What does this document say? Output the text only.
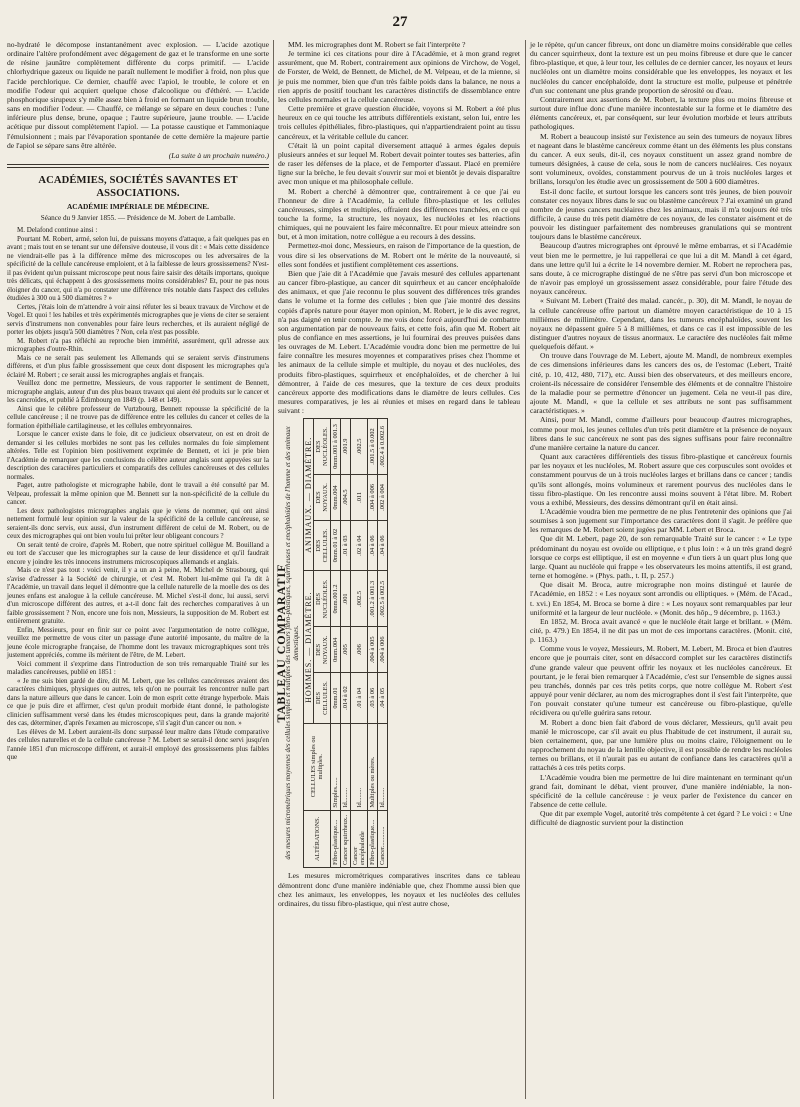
27

no-hydraté le décompose instantanément avec explosion. — L'acide azotique ordinaire l'altère profondément avec dégagement de gaz et le transforme en une sorte de résine jaunâtre complètement différente du corps primitif. — L'acide chlorhydrique gazeux ou liquide ne paraît nullement le modifier à froid, non plus que l'acide perchlorique. Ce dernier, chauffé avec l'apiol, le trouble, le colore et en modifie l'odeur qui acquiert quelque chose d'alcoolique ou d'éthéré. — L'acide phosphorique sirupeux s'y mêle assez bien à froid en formant un liquide brun trouble, sans en modifier l'odeur. — Chauffé, ce mélange se sépare en deux couches : l'une inférieure plus dense, brune, opaque ; l'autre supérieure, jaune trouble. — L'acide acétique pur dissout complètement l'apiol. — La potasse caustique et l'ammoniaque l'émulsionnent ; mais par l'évaporation spontanée de cette dernière la majeure partie de l'apiol se sépare sans être altérée.

(La suite à un prochain numéro.)
ACADÉMIES, SOCIÉTÉS SAVANTES ET ASSOCIATIONS.
ACADÉMIE IMPÉRIALE DE MÉDECINE.
Séance du 9 Janvier 1855. — Présidence de M. Jobert de Lamballe.

M. Delafond continue ainsi :

Pourtant M. Robert, armé, selon lui, de puissans moyens d'attaque, a fait quelques pas en avant ; mais tout en se tenant sur une défensive douteuse, il vous dit : « Mais cette dissidence ne viendrait-elle pas à la différence même des microscopes ou les adversaires de la spécificité de la cellule cancéreuse emploient, et à la faiblesse de leurs grossissemens? N'est-il pas évident qu'un puissant microscope peut nous faire saisir des détails importans, quoique très délicats, qui échappent à des grossissemens moins considérables? Et, pour ne pas nous éloigner du cancer, qui n'a pu constater une différence très notable dans l'aspect des cellules étudiées à 300 ou à 500 diamètres ? »

Certes, j'étais loin de m'attendre à voir ainsi réfuter les si beaux travaux de Virchow et de Vogel. Et quoi ! les habiles et très expérimentés micrographes que je viens de citer se seraient servis d'instrumens non convenables pour faire leurs recherches, et ils auraient négligé de porter les objets jusqu'à 500 diamètres ? Non, cela n'est pas possible.

M. Robert n'a pas réfléchi au reproche bien immérité, assurément, qu'il adresse aux micrographes d'outre-Rhin.

Mais ce ne serait pas seulement les Allemands qui se seraient servis d'instrumens différens, et d'un plus faible grossissement que ceux dont disposent les micrographes qu'a éclairé M. Robert ; ce serait aussi les micrographes anglais et français.

Veuillez donc me permettre, Messieurs, de vous rapporter le sentiment de Bennett, micrographe anglais, auteur d'un des plus beaux travaux qui aient été produits sur le cancer et les cancroïdes, et publié à Édimbourg en 1849 (p. 148 et 149).

Ainsi que le célèbre professeur de Vurtzbourg, Bennett repousse la spécificité de la cellule cancéreuse ; il ne trouve pas de différence entre les cellules du cancer et celles de la formation épithéliale cartilagineuse, et les cellules embryonnaires.

Lorsque le cancer existe dans le foie, dit ce judicieux observateur, on est en droit de demander si les cellules morbides ne sont pas les cellules normales du foie simplement altérées. Telle est l'opinion bien positivement exprimée de Bennett, et ici je prie bien l'Académie de remarquer que les conclusions du célèbre auteur anglais sont appuyées sur la description des caractères particuliers et comparatifs des cellules cancéreuses et des cellules normales.

Paget, autre pathologiste et micrographe habile, dont le travail a été consulté par M. Velpeau, professait la même opinion que M. Bennett sur la non-spécificité de la cellule du cancer.

Les deux pathologistes micrographes anglais que je viens de nommer, qui ont ainsi nettement formulé leur opinion sur la valeur de la spécificité de la cellule cancéreuse, se seraient-ils donc servis, eux aussi, d'un instrument différent de celui de M. Robert, ou de ceux des micrographes qui ont bien voulu lui prêter leur obligeant concours ?

On serait tenté de croire, d'après M. Robert, que notre spirituel collègue M. Bouilland a eu tort de s'accuser que les micrographes sur la cause de leur dissidence et qu'il faudrait encore y joindre les très innocens instrumens microscopiques allemands et anglais.

Mais ce n'est pas tout : voici venir, il y a un an à peine, M. Michel de Strasbourg, qui s'avise d'adresser à la Société de chirurgie, et c'est M. Robert lui-même qui l'a dit à l'Académie, un travail dans lequel il démontre que la cellule naturelle de la moelle des os des jeunes enfans est analogue à la cellule cancéreuse. M. Michel s'est-il donc, lui aussi, servi d'un microscope différent des autres, et a-t-il donc fait des recherches comparatives à un faible grossissement ? Non, encore une fois non, Messieurs, la supposition de M. Robert est entièrement gratuite.

Enfin, Messieurs, pour en finir sur ce point avec l'argumentation de notre collègue, veuillez me permettre de vous citer un passage d'une autorité imposante, du maître de la jeune école micrographe française, de l'homme dont les travaux micrographiques sont très justement appréciés, comme ils méritent de l'être, de M. Lebert.

Voici comment il s'exprime dans l'introduction de son très remarquable Traité sur les maladies cancéreuses, publié en 1851 :

« Je me suis bien gardé de dire, dit M. Lebert, que les cellules cancéreuses avaient des caractères chimiques, physiques ou autres, tels qu'on ne pourrait les rencontrer nulle part dans la nature ailleurs que dans le cancer. Loin de mon esprit cette étrange hyperbole. Mais ce que je puis dire et affirmer, c'est qu'un produit morbide étant donné, le pathologiste clinicien suffisamment versé dans les études microscopiques peut, dans la grande majorité des cas, déterminer, d'après l'examen au microscope, s'il s'agit d'un cancer ou non. »

Les élèves de M. Lebert auraient-ils donc surpassé leur maître dans l'étude comparative des cellules naturelles et de la cellule cancéreuse ? M. Lebert se serait-il donc servi jusqu'en l'année 1851 d'un microscope différent, et aurait-il employé des grossissemens plus faibles que

MM. les micrographes dont M. Robert se fait l'interprète ?

Je termine ici ces citations pour dire à l'Académie, et à mon grand regret assurément, que M. Robert, contrairement aux opinions de Virchow, de Vogel, de Forster, de Weld, de Bennett, de Michel, de M. Velpeau, et de la mienne, si je puis me nommer, bien que d'un très faible poids dans la balance, ne nous a rien appris de positif touchant les caractères distinctifs de dissemblance entre les cellules normales et la cellule cancéreuse.

Cette première et grave question élucidée, voyons si M. Robert a été plus heureux en ce qui touche les attributs différentiels existant, selon lui, entre les trois cellules épithéliales, fibro-plastiques, qui n'appartiendraient point au tissu cancéreux, et la véritable cellule du cancer.

C'était là un point capital diversement attaqué à armes égales depuis plusieurs années et sur lequel M. Robert devait pointer toutes ses batteries, afin de raser les défenses de la place, et de l'emporter d'assaut. Placé en première ligne sur la brèche, le feu devait s'ouvrir sur moi et bientôt je devais disparaître avec mon unique et ma philosophale cellule.

M. Robert a cherché à démontrer que, contrairement à ce que j'ai eu l'honneur de dire à l'Académie, la cellule fibro-plastique et les cellules cancéreuses, simples et multiples, offraient des différences tranchées, en ce qui touche la forme, la structure, les noyaux, les nucléoles et les réactions chimiques, qui ne pouvaient les faire méconnaître. Et pour mieux atteindre son but, et à mon imitation, notre collègue a eu recours à des dessins.

Permettez-moi donc, Messieurs, en raison de l'importance de la question, de vous dire si les observations de M. Robert ont le mérite de la nouveauté, si elles sont fondées et justifient complètement ces assertions.

Bien que j'aie dit à l'Académie que j'avais mesuré des cellules appartenant au cancer fibro-plastique, au cancer dit squirrheux et au cancer encéphaloïde des animaux, et que j'aie reconnu le plus souvent des différences très grandes dans le volume et la forme des cellules ; bien que j'aie montré des dessins copiés d'après nature pour étayer mon opinion, M. Robert, je le dis avec regret, n'a pas daigné en tenir compte. Je me vois donc forcé aujourd'hui de combattre son argumentation par de nouveaux faits, et cette fois, afin que M. Robert ait plus de confiance en mes assertions, je lui fournirai des preuves puisées dans les ouvrages de M. Lebert. L'Académie voudra donc bien me permettre de lui faire connaître les mesures moyennes et comparatives prises chez l'homme et les animaux de la cellule simple et multiple, du noyau et des nucléoles, des produits fibro-plastiques, squirrheux et encéphaloïdes, et de chercher à lui démontrer, à l'aide de ces mesures, que la texture de ces deux produits cancéreux apporte des modifications dans le diamètre de leurs cellules. Ces mesures comparatives, je les ai réunies et mises en regard dans le tableau suivant :

TABLEAU COMPARATIF
des mesures micrométriques moyennes des cellules simples et multiples des tumeurs fibro-plastiques, squirrheuses et encéphaloïdes de l'homme et des animaux domestiques.
ALTÉRATIONS.	CELLULES simples ou multiples.	HOMMES. — DIAMÈTRE.			ANIMAUX. — DIAMÈTRE.		
		DES CELLULES.	DES NOYAUX.	DES NUCLÉOLES.	DES CELLULES.	DES NOYAUX.	DES NUCLÉOLES.
Fibro-plastique....	Simples......	0mm.01	0mm.004	0mm.001.2	0mm.01 à 02	0mm.004	0mm.001 à 001.3
Cancer squirrheux..	Id.........	.014 à 02	.005	.001	.01 à 03	.004.5	.001.9
Cancer encéphaloïde	Id.........	.01 à 04	.006	.002.5	.02 à 04	.011	.002.5
Fibro-plastique....	Multiples ou mères.	.03 à 06	.004 à 005	.001.2 à 001.3	.04 à 06	.004 à 006	.001.5 à 0.002
Cancer.............	Id.........	.04 à 05	.004 à 006	.002.5 à 002.5	.04 à 06	.002 à 004	.002.4 à 0.002.6

Les mesures micrométriques comparatives inscrites dans ce tableau démontrent donc d'une manière indéniable que, chez l'homme aussi bien que chez les animaux, les enveloppes, les noyaux et les nucléoles des cellules ordinaires, du tissu fibro-plastique, qui n'est autre chose,

je le répète, qu'un cancer fibreux, ont donc un diamètre moins considérable que celles du cancer squirrheux, dont la texture est un peu moins fibreuse et dure que le cancer fibro-plastique, et que, à leur tour, les cellules de ce dernier cancer, les noyaux et leurs nucléoles ont un diamètre moins considérable que les enveloppes, les noyaux et les nucléoles du cancer encéphaloïde, dont la structure est molle, pulpeuse et pénétrée d'un suc contenant une plus grande proportion de sérosité ou d'eau.

Contrairement aux assertions de M. Robert, la texture plus ou moins fibreuse et surtout dure influe donc d'une manière incontestable sur la forme et le diamètre des éléments cancéreux, et, par conséquent, sur leur évolution morbide et leurs attributs pathologiques.

M. Robert a beaucoup insisté sur l'existence au sein des tumeurs de noyaux libres et nageant dans le blastème cancéreux comme étant un des éléments les plus constans du cancer. A eux seuls, dit-il, ces noyaux constituent un assez grand nombre de tumeurs désignées, à cause de cela, sous le nom de cancers nucléaires. Ces noyaux sont volumineux, ovoïdes, constamment pourvus de un à trois nucléoles larges et brillans, lorsqu'on les étudie avec un grossissement de 500 à 600 diamètres.

Est-il donc facile, et surtout lorsque les cancers sont très jeunes, de bien pouvoir constater ces noyaux libres dans le suc ou blastème cancéreux ? J'ai examiné un grand nombre de jeunes cancers nucléaires chez les animaux, mais il m'a toujours été très difficile, à cause du très petit diamètre de ces noyaux, de les constater aisément et de pouvoir les distinguer parfaitement des nombreuses granulations qui se montrent toujours dans le blastème cancéreux.

Beaucoup d'autres micrographes ont éprouvé le même embarras, et si l'Académie veut bien me le permettre, je lui rappellerai ce que lui a dit M. Mandl à cet égard, dans une lettre qu'il lui a écrite le 14 novembre dernier. M. Robert ne reprochera pas, sans doute, à ce micrographe distingué de ne s'être pas servi d'un bon microscope et de n'avoir pas employé un grossissement assez considérable, pour faire l'étude des noyaux cancéreux.

« Suivant M. Lebert (Traité des malad. cancér., p. 30), dit M. Mandl, le noyau de la cellule cancéreuse offre partout un diamètre moyen caractéristique de 10 à 15 millièmes de millimètre. Cependant, dans les tumeurs encéphaloïdes, souvent les noyaux ne dépassent guère 5 à 8 millièmes, et dans ce cas il est impossible de les distinguer d'autres noyaux de tissus anormaux. Le caractère des nucléoles fait même quelquefois défaut. »

On trouve dans l'ouvrage de M. Lebert, ajoute M. Mandl, de nombreux exemples de ces dimensions inférieures dans les cancers des os, de l'estomac (Lebert, Traité cité, p. 10, 412, 480, 717), etc. Aussi bien des observateurs, et des meilleurs encore, croient-ils nécessaire de considérer l'ensemble des éléments et de connaître l'histoire de la maladie pour se permettre d'énoncer un jugement. Cela ne veut-il pas dire, ajoute M. Mandl, « que la cellule et ses attributs ne sont pas suffisamment caractéristiques. »

Ainsi, pour M. Mandl, comme d'ailleurs pour beaucoup d'autres micrographes, comme pour moi, les jeunes cellules d'un très petit diamètre et la présence de noyaux libres dans le suc cancéreux ne sont pas des signes suffisans pour faire reconnaître d'une manière certaine la nature du cancer.

Quant aux caractères différentiels des tissus fibro-plastique et cancéreux fournis par les noyaux et les nucléoles, M. Robert assure que ces corpuscules sont ovoïdes et constamment pourvus de un à trois nucléoles larges et brillans dans ce cancer ; tandis qu'ils sont allongés, moins volumineux et rarement pourvus des nucléoles dans le tissu fibro-plastique. On les rencontre aussi moins souvent à l'état libre. M. Robert vous a exhibé, Messieurs, des dessins démontrant qu'il en était ainsi.

L'Académie voudra bien me permettre de ne plus l'entretenir des opinions que j'ai soumises à son jugement sur l'importance des caractères dont il s'agit. Je préfère que les remarques de M. Robert soient jugées par MM. Lebert et Broca.

Que dit M. Lebert, page 20, de son remarquable Traité sur le cancer : « Le type prédominant du noyau est ovoïde ou elliptique, e t plus loin : « à un très grand degré lorsque ce corps est elliptique, il est en moyenne « d'un tiers à un quart plus long que large. Quant au nucléole qui frappe « les observateurs les moins attentifs, il est grand, terne et homogène. » (Phys. path., t. II, p. 257.)

Que disait M. Broca, autre micrographe non moins distingué et laurée de l'Académie, en 1852 : « Les noyaux sont arrondis ou elliptiques. » (Mém. de l'Acad., t. xvi.) En 1854, M. Broca se borne à dire : « Les noyaux sont remarquables par leur uniformité et la largeur de leur nucléole. » (Monit. des hôp., 9 décembre, p. 1163.)

En 1852, M. Broca avait avancé « que le nucléole était large et brillant. » (Mém. cité, p. 479.) En 1854, il ne dit pas un mot de ces importans caractères. (Monit. cité, p. 1163.)

Comme vous le voyez, Messieurs, M. Robert, M. Lebert, M. Broca et bien d'autres encore que je pourrais citer, sont en désaccord complet sur les caractères distinctifs d'une grande valeur que peuvent offrir les noyaux et les nucléoles cancéreux. Et pourtant, je le ferai bien remarquer à l'Académie, c'est sur l'ensemble de signes aussi peu tranchés, donnés par ces très petits corps, que notre collègue M. Robert s'est appuyé pour venir déclarer, au nom des micrographes dont il s'est fait l'interprète, que l'on pouvait constater qu'une tumeur est cancéreuse ou fibro-plastique, qu'elle récidivera ou qu'elle guérira sans retour.

M. Robert a donc bien fait d'abord de vous déclarer, Messieurs, qu'il avait peu manié le microscope, car s'il avait eu plus l'habitude de cet instrument, il aurait su, bien certainement, que, par une lumière plus ou moins claire, l'éloignement ou le rapprochement du noyau de la lentille objective, il est possible de rendre les nucléoles ternes ou brillans, et il n'aurait pas eu autant de confiance dans les caractères qu'il a rattachés à ces très petits corps.

L'Académie voudra bien me permettre de lui dire maintenant en terminant qu'un grand fait, dominant le débat, vient prouver, d'une manière indéniable, la non-spécificité de la cellule cancéreuse : je veux parler de l'existence du cancer en l'absence de cette cellule.

Que dit par exemple Vogel, autorité très compétente à cet égard ? Le voici : « Une difficulté de diagnostic survient pour la distinction
